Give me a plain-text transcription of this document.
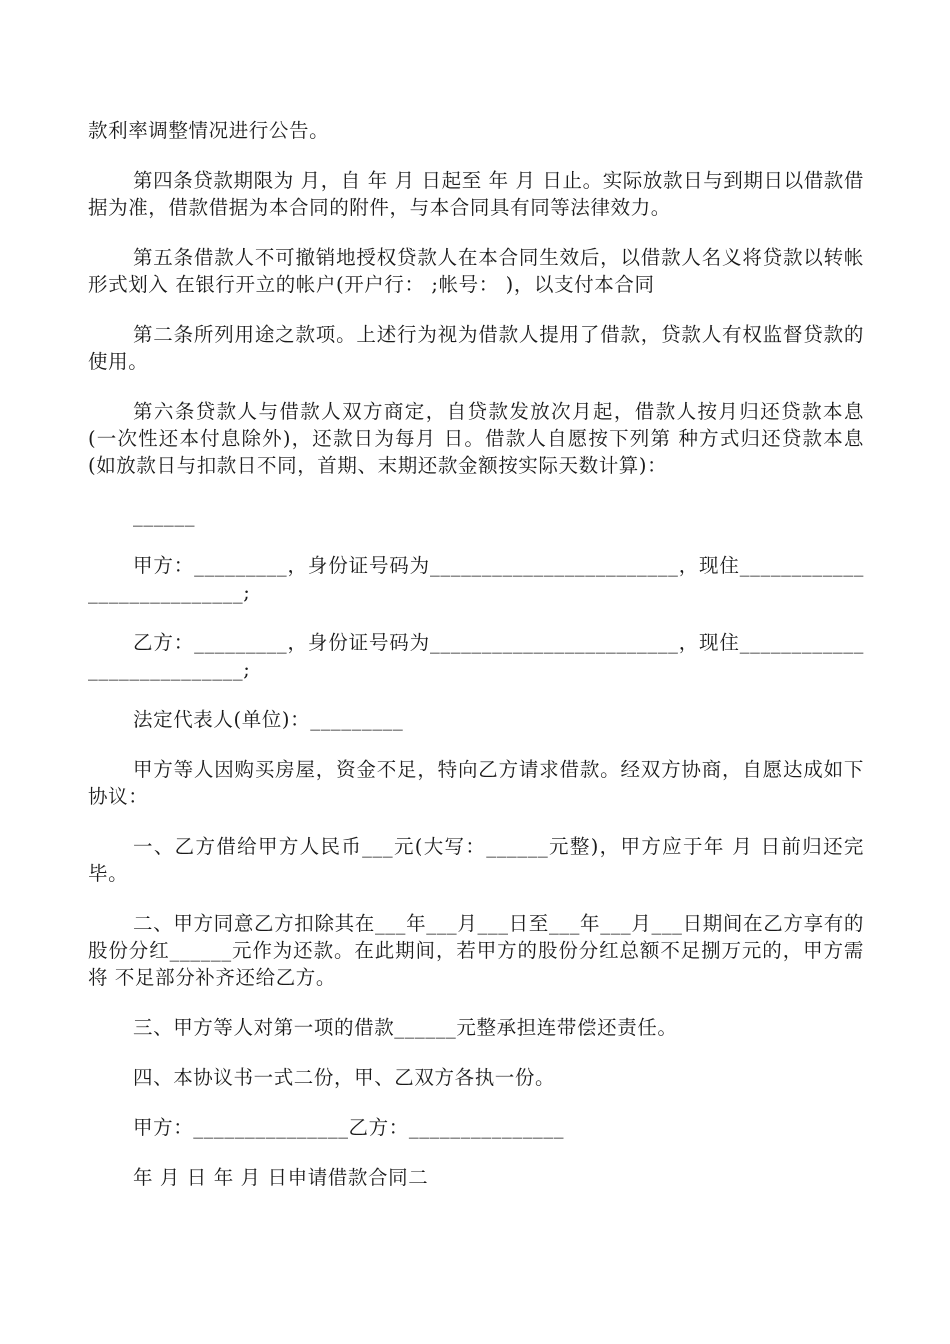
款利率调整情况进行公告。

第四条贷款期限为 月，自 年 月 日起至 年 月 日止。实际放款日与到期日以借款借据为准，借款借据为本合同的附件，与本合同具有同等法律效力。

第五条借款人不可撤销地授权贷款人在本合同生效后，以借款人名义将贷款以转帐形式划入 在银行开立的帐户(开户行： ;帐号： )，以支付本合同

第二条所列用途之款项。上述行为视为借款人提用了借款，贷款人有权监督贷款的使用。

第六条贷款人与借款人双方商定，自贷款发放次月起，借款人按月归还贷款本息(一次性还本付息除外)，还款日为每月 日。借款人自愿按下列第 种方式归还贷款本息(如放款日与扣款日不同，首期、末期还款金额按实际天数计算)：

______

甲方：_________，身份证号码为________________________，现住___________________________;

乙方：_________，身份证号码为________________________，现住___________________________;

法定代表人(单位)：_________

甲方等人因购买房屋，资金不足，特向乙方请求借款。经双方协商，自愿达成如下协议：

一、乙方借给甲方人民币___元(大写：______元整)，甲方应于年 月 日前归还完毕。

二、甲方同意乙方扣除其在___年___月___日至___年___月___日期间在乙方享有的股份分红______元作为还款。在此期间，若甲方的股份分红总额不足捌万元的，甲方需将 不足部分补齐还给乙方。

三、甲方等人对第一项的借款______元整承担连带偿还责任。

四、本协议书一式二份，甲、乙双方各执一份。

甲方：_______________乙方：_______________

年 月 日 年 月 日申请借款合同二
